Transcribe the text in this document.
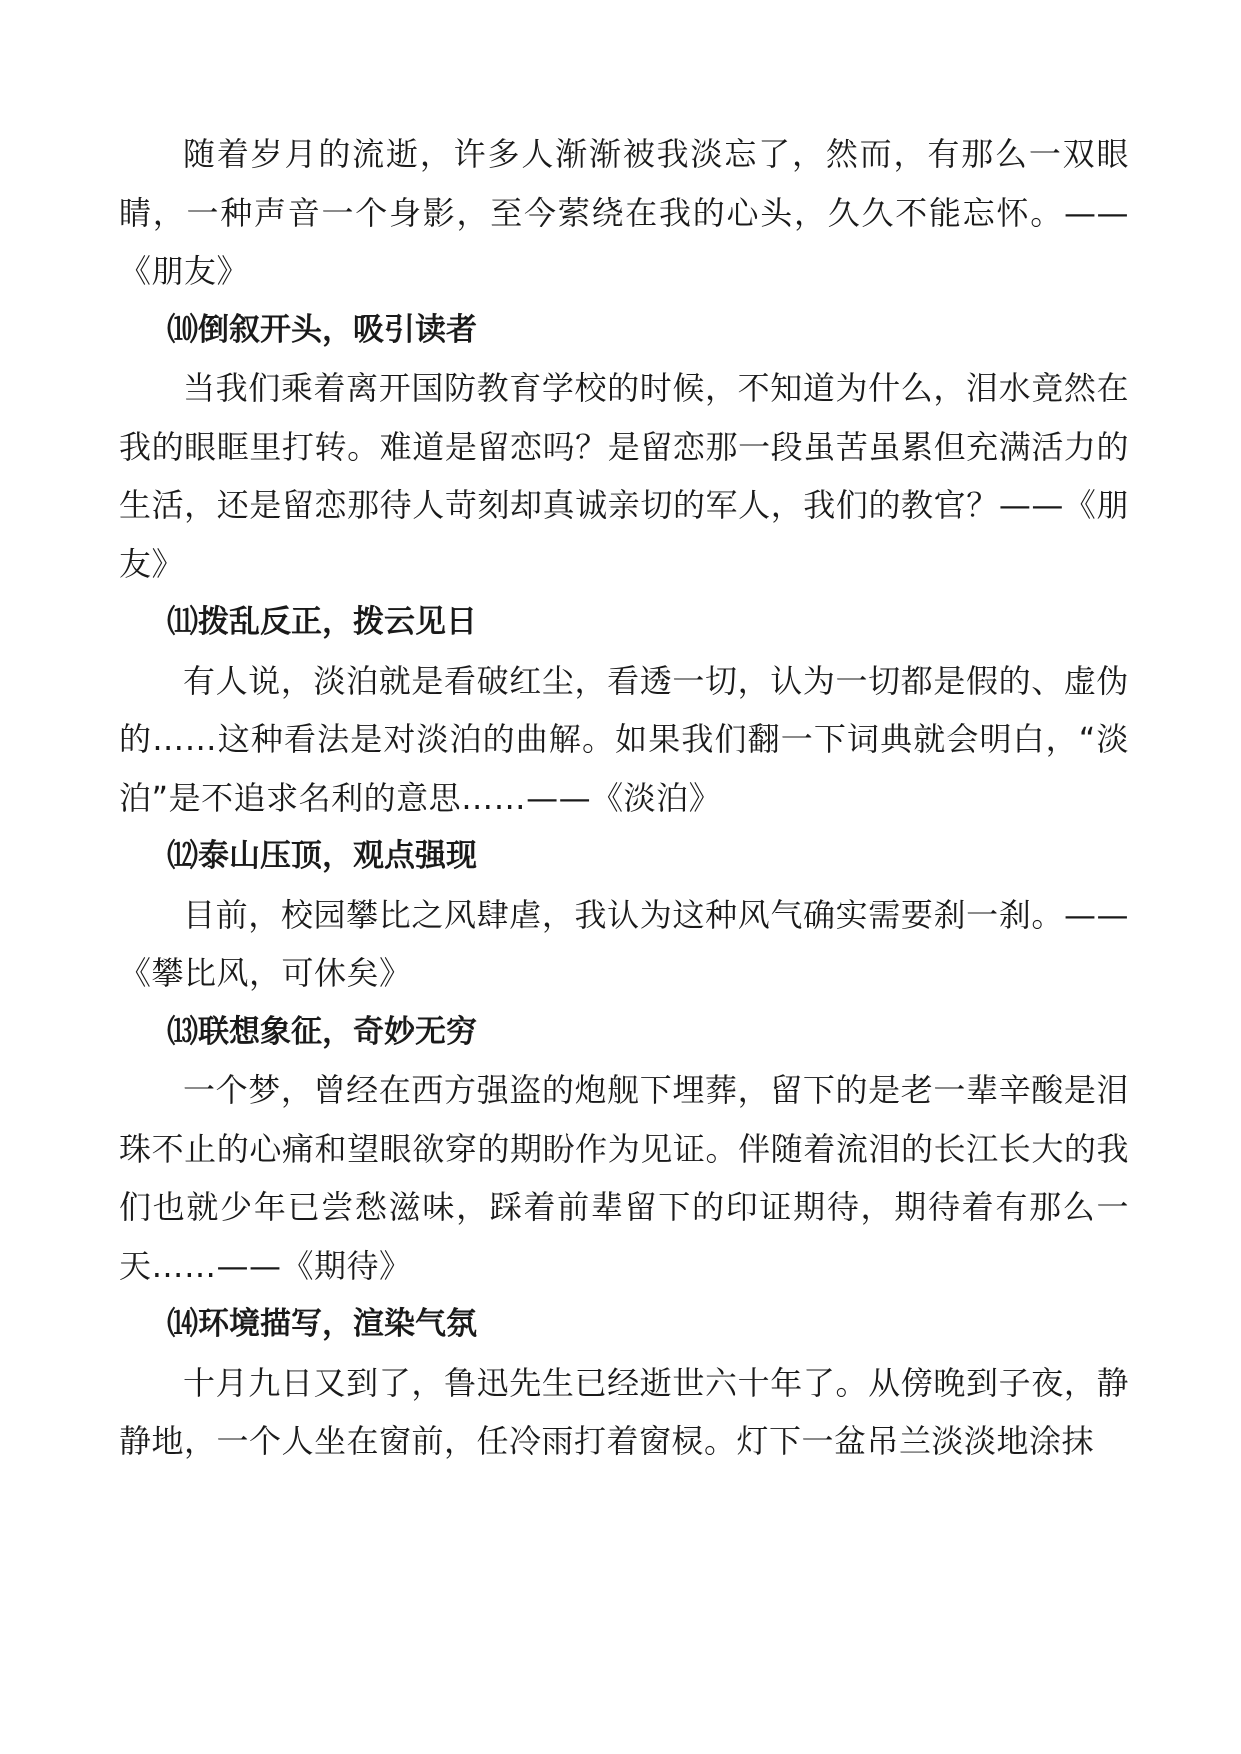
随着岁月的流逝，许多人渐渐被我淡忘了，然而，有那么一双眼睛，一种声音一个身影，至今萦绕在我的心头，久久不能忘怀。——《朋友》

⑽倒叙开头，吸引读者

当我们乘着离开国防教育学校的时候，不知道为什么，泪水竟然在我的眼眶里打转。难道是留恋吗？是留恋那一段虽苦虽累但充满活力的生活，还是留恋那待人苛刻却真诚亲切的军人，我们的教官？——《朋友》

⑾拨乱反正，拨云见日

有人说，淡泊就是看破红尘，看透一切，认为一切都是假的、虚伪的……这种看法是对淡泊的曲解。如果我们翻一下词典就会明白，“淡泊”是不追求名利的意思……——《淡泊》

⑿泰山压顶，观点强现

目前，校园攀比之风肆虐，我认为这种风气确实需要刹一刹。——《攀比风，可休矣》

⒀联想象征，奇妙无穷

一个梦，曾经在西方强盗的炮舰下埋葬，留下的是老一辈辛酸是泪珠不止的心痛和望眼欲穿的期盼作为见证。伴随着流泪的长江长大的我们也就少年已尝愁滋味，踩着前辈留下的印证期待，期待着有那么一天……——《期待》

⒁环境描写，渲染气氛

十月九日又到了，鲁迅先生已经逝世六十年了。从傍晚到子夜，静静地，一个人坐在窗前，任冷雨打着窗棂。灯下一盆吊兰淡淡地涂抹
